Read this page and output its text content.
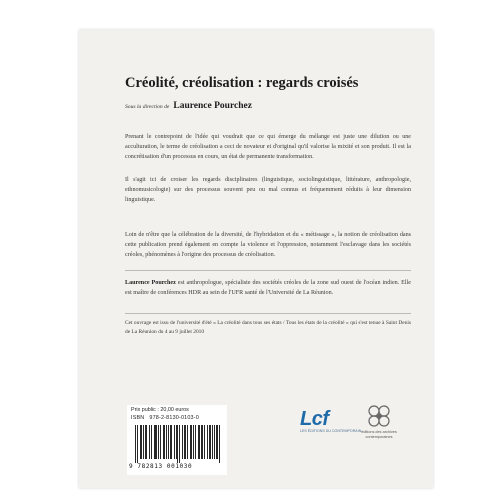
Créolité, créolisation : regards croisés
Sous la direction de Laurence Pourchez

Prenant le contrepoint de l'idée qui voudrait que ce qui émerge du mélange est juste une dilution ou une acculturation, le terme de créolisation a ceci de novateur et d'original qu'il valorise la mixité et son produit. Il est la concrétisation d'un processus en cours, un état de permanente transformation.

Il s'agit ici de croiser les regards disciplinaires (linguistique, sociolinguistique, littérature, anthropologie, ethnomusicologie) sur des processus souvent peu ou mal connus et fréquemment réduits à leur dimension linguistique.

Loin de n'être que la célébration de la diversité, de l'hybridation et du « métissage », la notion de créolisation dans cette publication prend également en compte la violence et l'oppression, notamment l'esclavage dans les sociétés créoles, phénomènes à l'origine des processus de créolisation.

Laurence Pourchez est anthropologue, spécialiste des sociétés créoles de la zone sud ouest de l'océan indien. Elle est maître de conférences HDR au sein de l'UFR santé de l'Université de La Réunion.

Cet ouvrage est issu de l'université d'été « La créolité dans tous ses états / Tous les états de la créolité » qui s'est tenue à Saint Denis de La Réunion du 4 au 9 juillet 2010

Prix public : 20,00 euros
ISBN 978-2-8130-0103-0
9 782813 001030
Lcf
LES ÉDITIONS DU CONTEMPORAIN éditions des archives contemporaines
